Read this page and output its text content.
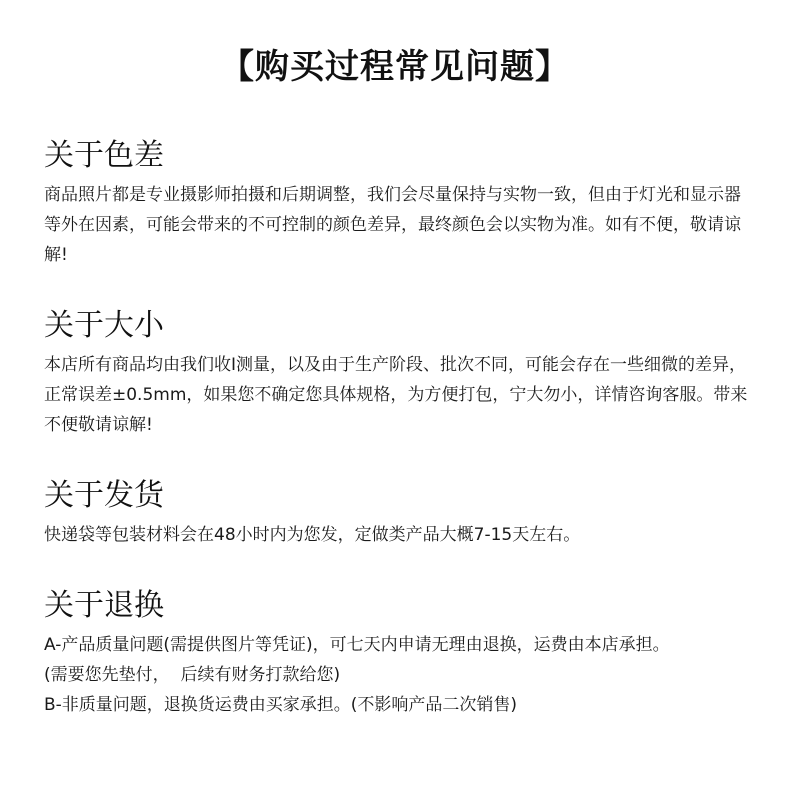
【购买过程常见问题】
关于色差

商品照片都是专业摄影师拍摄和后期调整，我们会尽量保持与实物一致，但由于灯光和显示器等外在因素，可能会带来的不可控制的颜色差异，最终颜色会以实物为准。如有不便，敬请谅解!

关于大小

本店所有商品均由我们收I测量，以及由于生产阶段、批次不同，可能会存在一些细微的差异，正常误差±0.5mm，如果您不确定您具体规格，为方便打包，宁大勿小，详情咨询客服。带来不便敬请谅解!

关于发货

快递袋等包装材料会在48小时内为您发，定做类产品大概7-15天左右。

关于退换
A-产品质量问题(需提供图片等凭证)，可七天内申请无理由退换，运费由本店承担。
(需要您先垫付，  后续有财务打款给您)
B-非质量问题，退换货运费由买家承担。(不影响产品二次销售)
